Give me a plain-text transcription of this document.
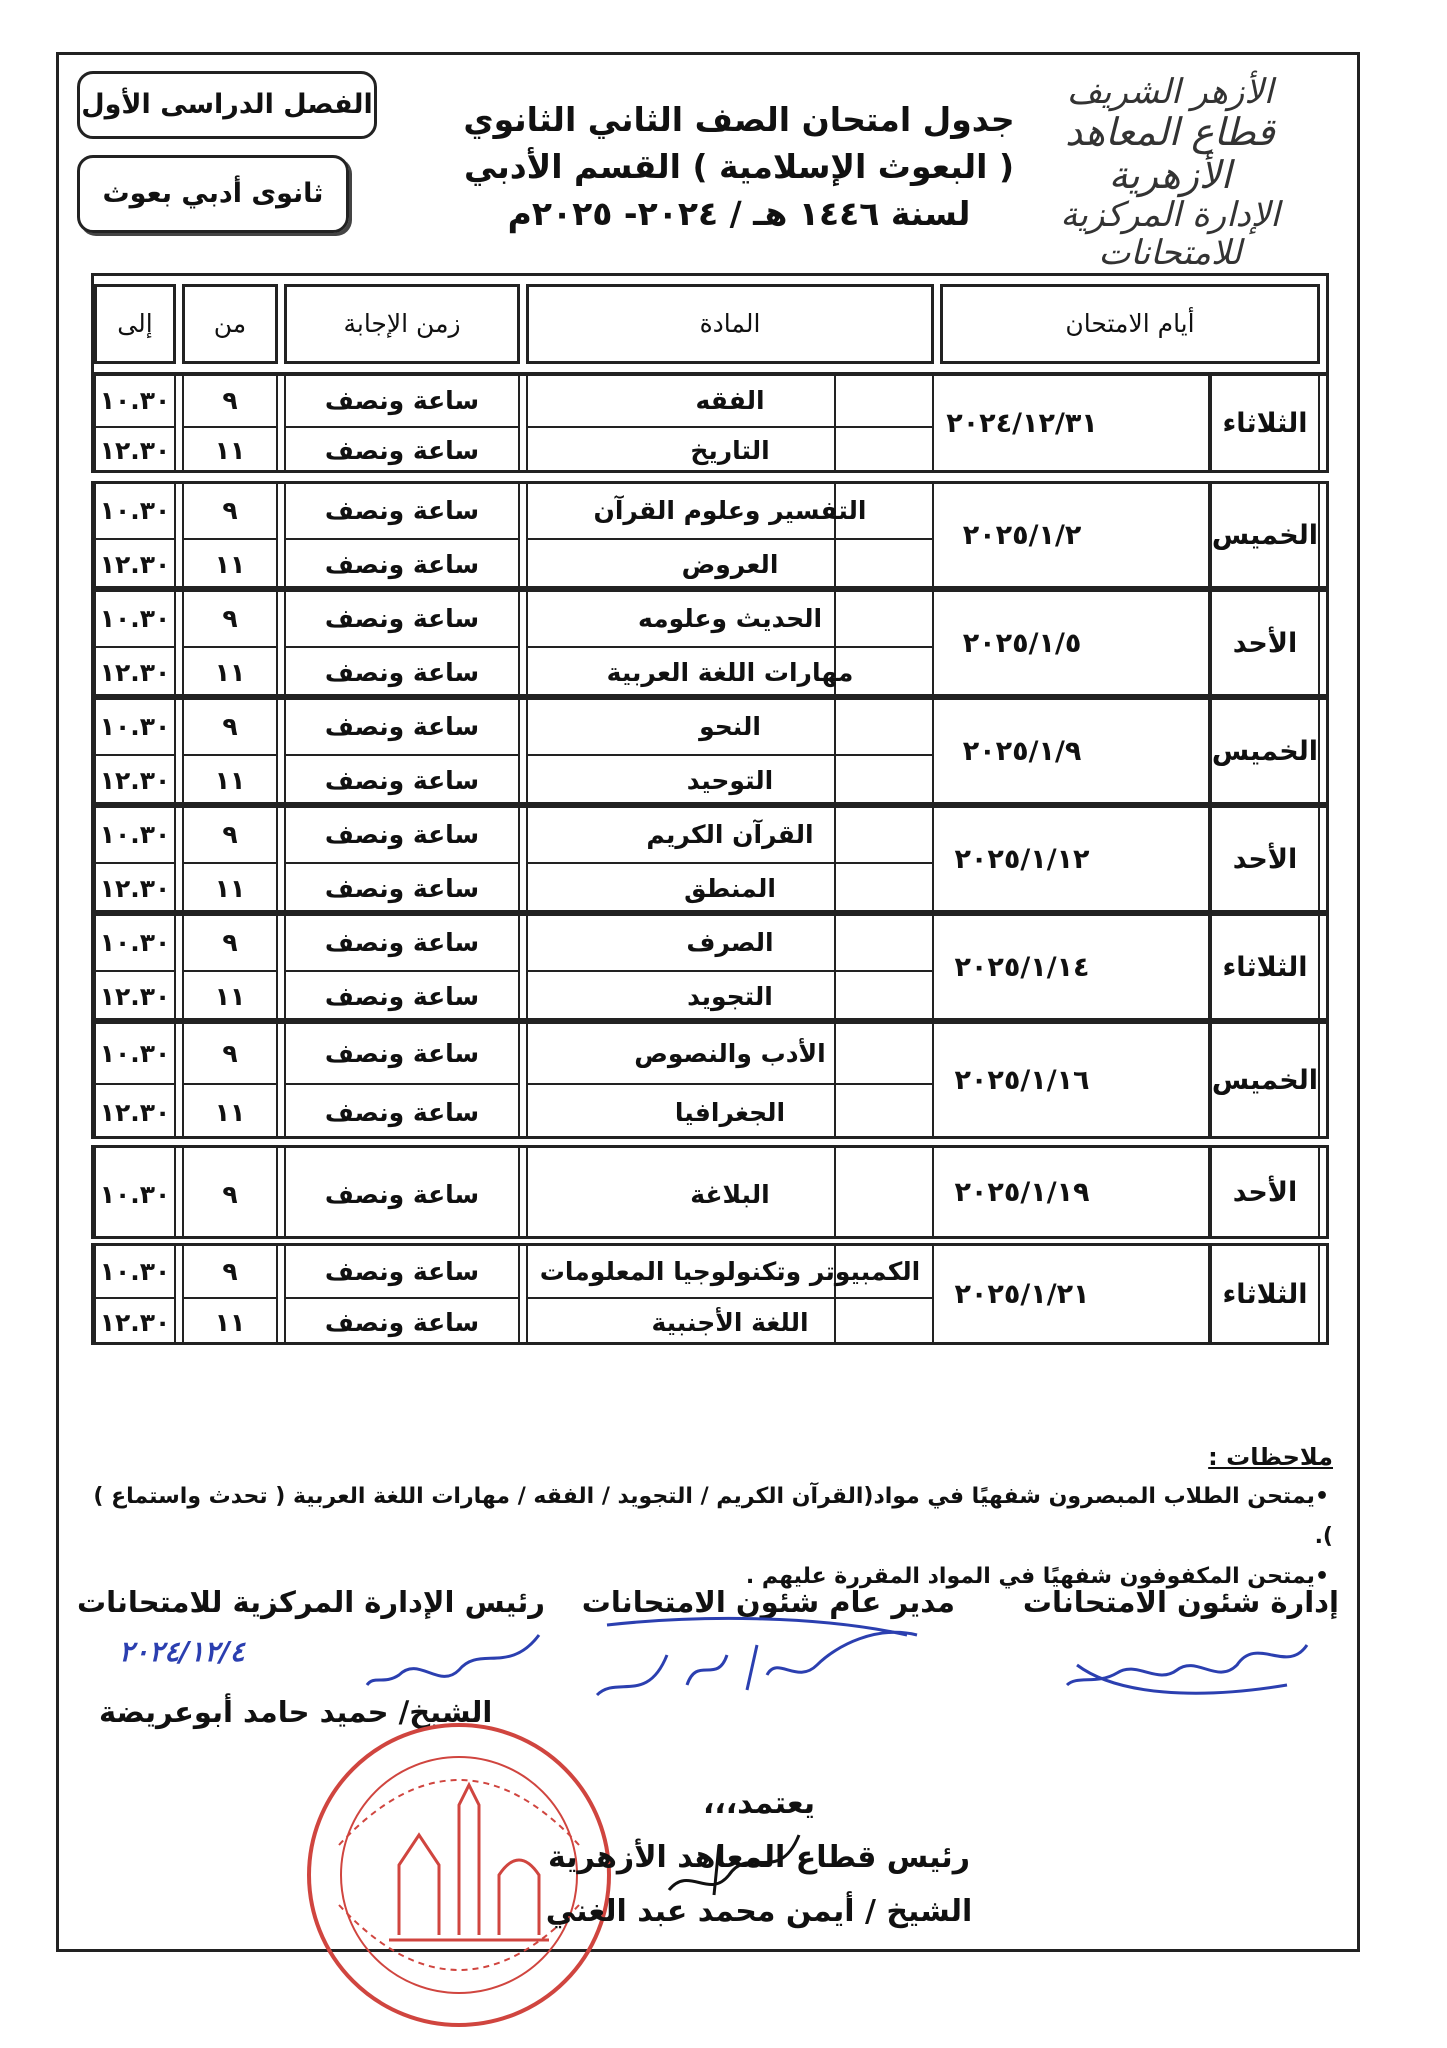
الأزهر الشريف
قطاع المعاهد الأزهرية
الإدارة المركزية للامتحانات
جدول امتحان الصف الثاني الثانوي
( البعوث الإسلامية ) القسم الأدبي
لسنة ١٤٤٦ هـ / ٢٠٢٤- ٢٠٢٥م
الفصل الدراسى الأول
ثانوى أدبي بعوث
أيام الامتحان
المادة
زمن الإجابة
من
إلى
الثلاثاء
٢٠٢٤/١٢/٣١
الفقه
التاريخ
ساعة ونصف
ساعة ونصف
٩
١١
١٠.٣٠
١٢.٣٠
الخميس
٢٠٢٥/١/٢
التفسير وعلوم القرآن
العروض
ساعة ونصف
ساعة ونصف
٩
١١
١٠.٣٠
١٢.٣٠
الأحد
٢٠٢٥/١/٥
الحديث وعلومه
مهارات اللغة العربية
ساعة ونصف
ساعة ونصف
٩
١١
١٠.٣٠
١٢.٣٠
الخميس
٢٠٢٥/١/٩
النحو
التوحيد
ساعة ونصف
ساعة ونصف
٩
١١
١٠.٣٠
١٢.٣٠
الأحد
٢٠٢٥/١/١٢
القرآن الكريم
المنطق
ساعة ونصف
ساعة ونصف
٩
١١
١٠.٣٠
١٢.٣٠
الثلاثاء
٢٠٢٥/١/١٤
الصرف
التجويد
ساعة ونصف
ساعة ونصف
٩
١١
١٠.٣٠
١٢.٣٠
الخميس
٢٠٢٥/١/١٦
الأدب والنصوص
الجغرافيا
ساعة ونصف
ساعة ونصف
٩
١١
١٠.٣٠
١٢.٣٠
الأحد
٢٠٢٥/١/١٩
البلاغة
ساعة ونصف
٩
١٠.٣٠
الثلاثاء
٢٠٢٥/١/٢١
الكمبيوتر وتكنولوجيا المعلومات
اللغة الأجنبية
ساعة ونصف
ساعة ونصف
٩
١١
١٠.٣٠
١٢.٣٠
ملاحظات :
•يمتحن الطلاب المبصرون شفهيًا في مواد(القرآن الكريم / التجويد / الفقه / مهارات اللغة العربية ( تحدث واستماع ) ).
•يمتحن المكفوفون شفهيًا في المواد المقررة عليهم .
إدارة شئون الامتحانات
مدير عام شئون الامتحانات
رئيس الإدارة المركزية للامتحانات
٢٠٢٤/١٢/٤
الشيخ/ حميد حامد أبوعريضة
يعتمد،،،
رئيس قطاع المعاهد الأزهرية
الشيخ / أيمن محمد عبد الغني
